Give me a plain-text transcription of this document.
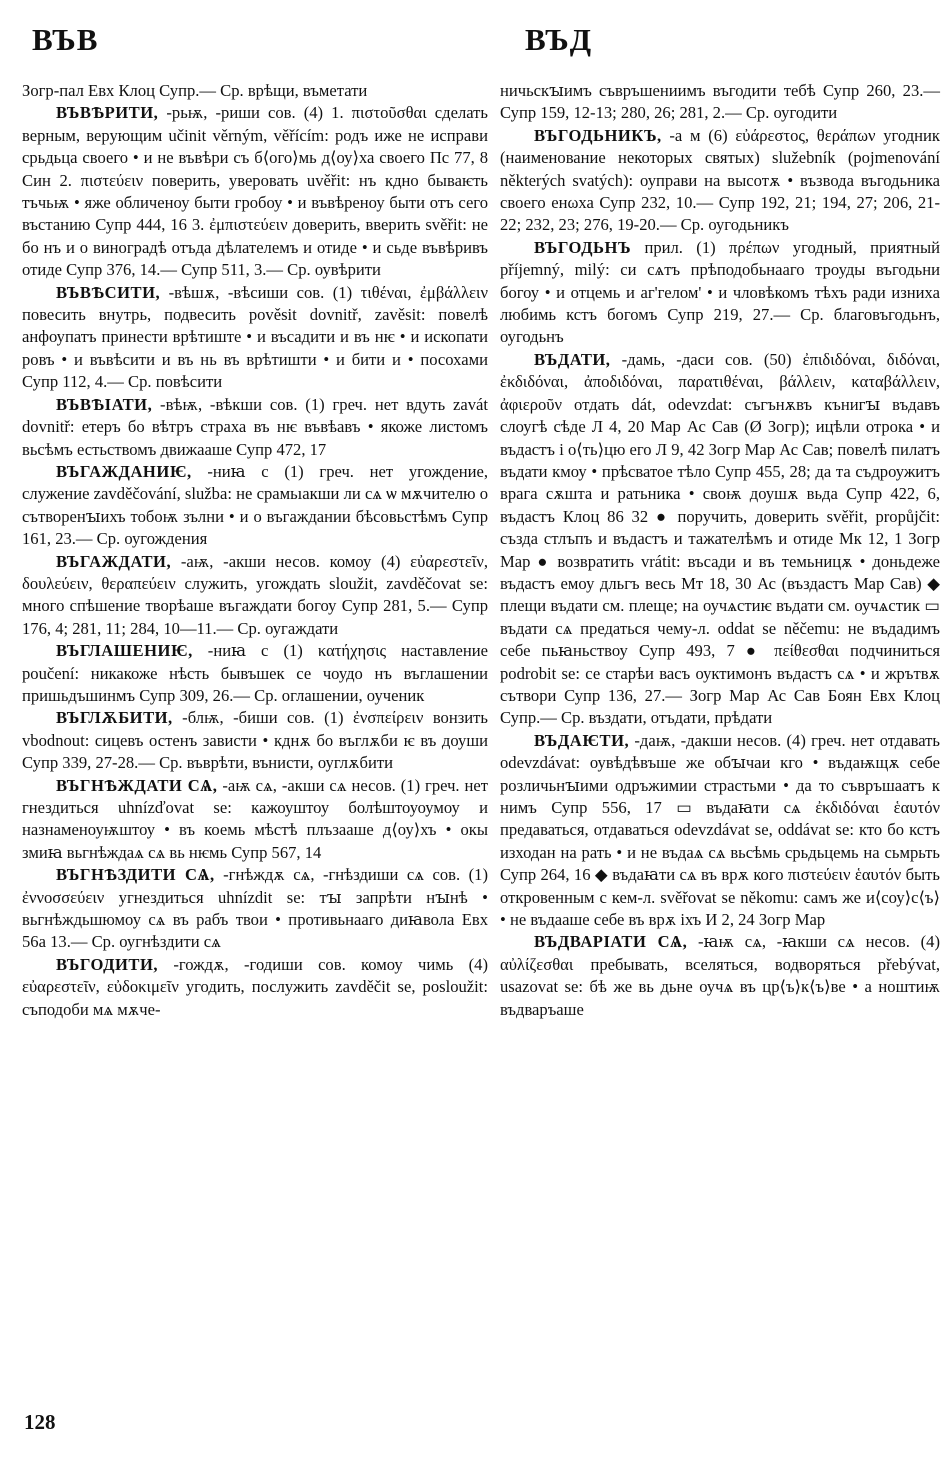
ВЪВ	ВЪД

Зогр-пал Евх Клоц Супр.— Ср. врѣщи, въметати

ВЪВѢРИТИ, -рьѭ, -риши сов. (4) 1. πιστοῦσθαι сделать верным, верующим učinit věrným, věřícím: родъ иже не исправи срьдьца своего • и не въвѣри съ б⟨ого⟩мь д⟨оу⟩ха своего Пс 77, 8 Син 2. πιστεύειν поверить, уверовать uvěřit: нъ кдно бываѥть тъчьѭ • яже обличеноу быти гробоу • и въвѣреноу быти отъ сего въстанию Супр 444, 16 3. ἐμπιστεύειν доверить, вверить svěřit: не бо нъ и о виноградѣ отъда дѣлателемъ и отиде • и сьде въвѣривъ отиде Супр 376, 14.— Супр 511, 3.— Ср. оувѣрити

ВЪВѢСИТИ, -вѣшѫ, -вѣсиши сов. (1) τιθέναι, ἐμβάλλειν повесить внутрь, подвесить pověsit dovnitř, zavěsit: повелѣ анфоупатъ принести врѣтиште • и въсадити и въ нѥ • и ископати ровъ • и въвѣсити и въ нь въ врѣтишти • и бити и • посохами Супр 112, 4.— Ср. повѣсити

ВЪВѢІАТИ, -вѣѭ, -вѣкши сов. (1) греч. нет вдуть zavát dovnitř: етеръ бо вѣтръ страха въ нѥ въвѣавъ • якоже листомъ вьсѣмъ естьствомъ движааше Супр 472, 17

ВЪГАЖДАНИѤ, -ниꙗ с (1) греч. нет угождение, служение zavděčování, služba: не срамьıакши ли сѧ ѡ мѫчителю о сътворенꙑихъ тобоѭ зълни • и о въгаждании бѣсовьстѣмъ Супр 161, 23.— Ср. оугождения

ВЪГАЖДАТИ, -аѭ, -акши несов. комоу (4) εὐαρεστεῖν, δουλεύειν, θεραπεύειν служить, угождать sloužit, zavděčovat se: много спѣшение творѣаше въгаждати богоу Супр 281, 5.— Супр 176, 4; 281, 11; 284, 10—11.— Ср. оугаждати

ВЪГЛАШЕНИѤ, -ниꙗ с (1) κατήχησις наставление poučení: никакоже нѣсть бывъшек се чоудо нъ въглашении пришьдъшинмъ Супр 309, 26.— Ср. оглашении, оученик

ВЪГЛѪБИТИ, -блѭ, -биши сов. (1) ἐνσπείρειν вонзить vbodnout: сицевъ остенъ зависти • кднѫ бо въглѫби ѥ въ доуши Супр 339, 27-28.— Ср. въврѣти, вънисти, оуглѫбити

ВЪГНѢЖДАТИ СѦ, -аѭ сѧ, -акши сѧ несов. (1) греч. нет гнездиться uhnízďovat se: кажоуштоу болѣштоуоумоу и назнаменоуѭштоу • въ коемь мѣстѣ плъзааше д⟨оу⟩хъ • окы змиꙗ вьгнѣждаѧ сѧ вь нѥмь Супр 567, 14

ВЪГНѢЗДИТИ СѦ, -гнѣждѫ сѧ, -гнѣздиши сѧ сов. (1) ἐννοσσεύειν угнездиться uhnízdit se: тꙑ запрѣти нꙑнѣ • вьгнѣждьшюмоу сѧ въ рабъ твои • противьнааго диꙗвола Евх 56а 13.— Ср. оугнѣздити сѧ

ВЪГОДИТИ, -гождѫ, -годиши сов. комоу чимь (4) εὐαρεστεῖν, εὐδοκιμεῖν угодить, послужить zavděčit se, posloužit: съподоби мѧ мѫче-

ничьскꙑимъ съвръшениимъ въгодити тебѣ Супр 260, 23.— Супр 159, 12-13; 280, 26; 281, 2.— Ср. оугодити

ВЪГОДЬНИКЪ, -а м (6) εὐάρεστος, θεράπων угодник (наименование некоторых святых) služebník (pojmenování některých svatých): оуправи на высотѫ • възвода въгодьника своего енωха Супр 232, 10.— Супр 192, 21; 194, 27; 206, 21-22; 232, 23; 276, 19-20.— Ср. оугодьникъ

ВЪГОДЬНЪ прил. (1) πρέπων угодный, приятный příjemný, milý: си сѧтъ прѣподобьнааго троуды въгодьни богоу • и отцемь и аг'гелом' • и чловѣкомъ тѣхъ ради изниха любимь кстъ богомъ Супр 219, 27.— Ср. благовъгодьнъ, оугодьнъ

ВЪДАТИ, -дамь, -даси сов. (50) ἐπιδιδόναι, διδόναι, ἐκδιδόναι, ἀποδιδόναι, παρατιθέναι, βάλλειν, καταβάλλειν, ἀφιεροῦν отдать dát, odevzdat: съгънѫвъ кънигꙑ въдавъ слоугѣ сѣде Л 4, 20 Мар Ас Сав (Ø Зогр); ицѣли отрока • и въдастъ і о⟨ть⟩цю его Л 9, 42 Зогр Мар Ас Сав; повелѣ пилатъ въдати кмоу • прѣсватое тѣло Супр 455, 28; да та съдроужитъ врага сѫшта и ратьника • своѭ доушѫ вьда Супр 422, 6, въдастъ Клоц 86 32 ● поручить, доверить svěřit, propůjčit: създа стлъпъ и въдастъ и тажателѣмъ и отиде Мк 12, 1 Зогр Мар ● возвратить vrátit: въсади и въ темьницѫ • доньдеже въдастъ емоу дльгъ весь Мт 18, 30 Ас (въздастъ Мар Сав) ◆ плещи въдати см. плеще; на оучѧстиѥ въдати см. оучѧстик ▭ въдати сѧ предаться чему-л. oddat se něčemu: не въдадимъ себе пьꙗньствоу Супр 493, 7 ● πείθεσθαι подчиниться podrobit se: се старѣи васъ оуктимонъ въдастъ сѧ • и жрътвѫ сътвори Супр 136, 27.— Зогр Мар Ас Сав Боян Евх Клоц Супр.— Ср. въздати, отъдати, прѣдати

ВЪДАѤТИ, -даѭ, -дакши несов. (4) греч. нет отдавать odevzdávat: оувѣдѣвъше же обꙑчаи кго • въдаѭщѫ себе розличьнꙑими одръжимии страстьми • да то съвръшаатъ к нимъ Супр 556, 17 ▭ въдаꙗти сѧ ἐκδιδόναι ἑαυτόν предаваться, отдаваться odevzdávat se, oddávat se: кто бо кстъ изходан на рать • и не въдаѧ сѧ вьсѣмь срьдьцемь на сьмрьть Супр 264, 16 ◆ въдаꙗти сѧ въ врѫ кого πιστεύειν ἑαυτόν быть откровенным с кем-л. svěřovat se někomu: самъ же и⟨соу⟩с⟨ъ⟩ • не въдааше себе въ врѫ іхъ И 2, 24 Зогр Мар

ВЪДВАРІАТИ СѦ, -ꙗѭ сѧ, -ꙗкши сѧ несов. (4) αὐλίζεσθαι пребывать, вселяться, водворяться přebývat, usazovat se: бѣ же вь дьне оучѧ въ цр⟨ъ⟩к⟨ъ⟩ве • а ноштиѭ въдваръаше

128
